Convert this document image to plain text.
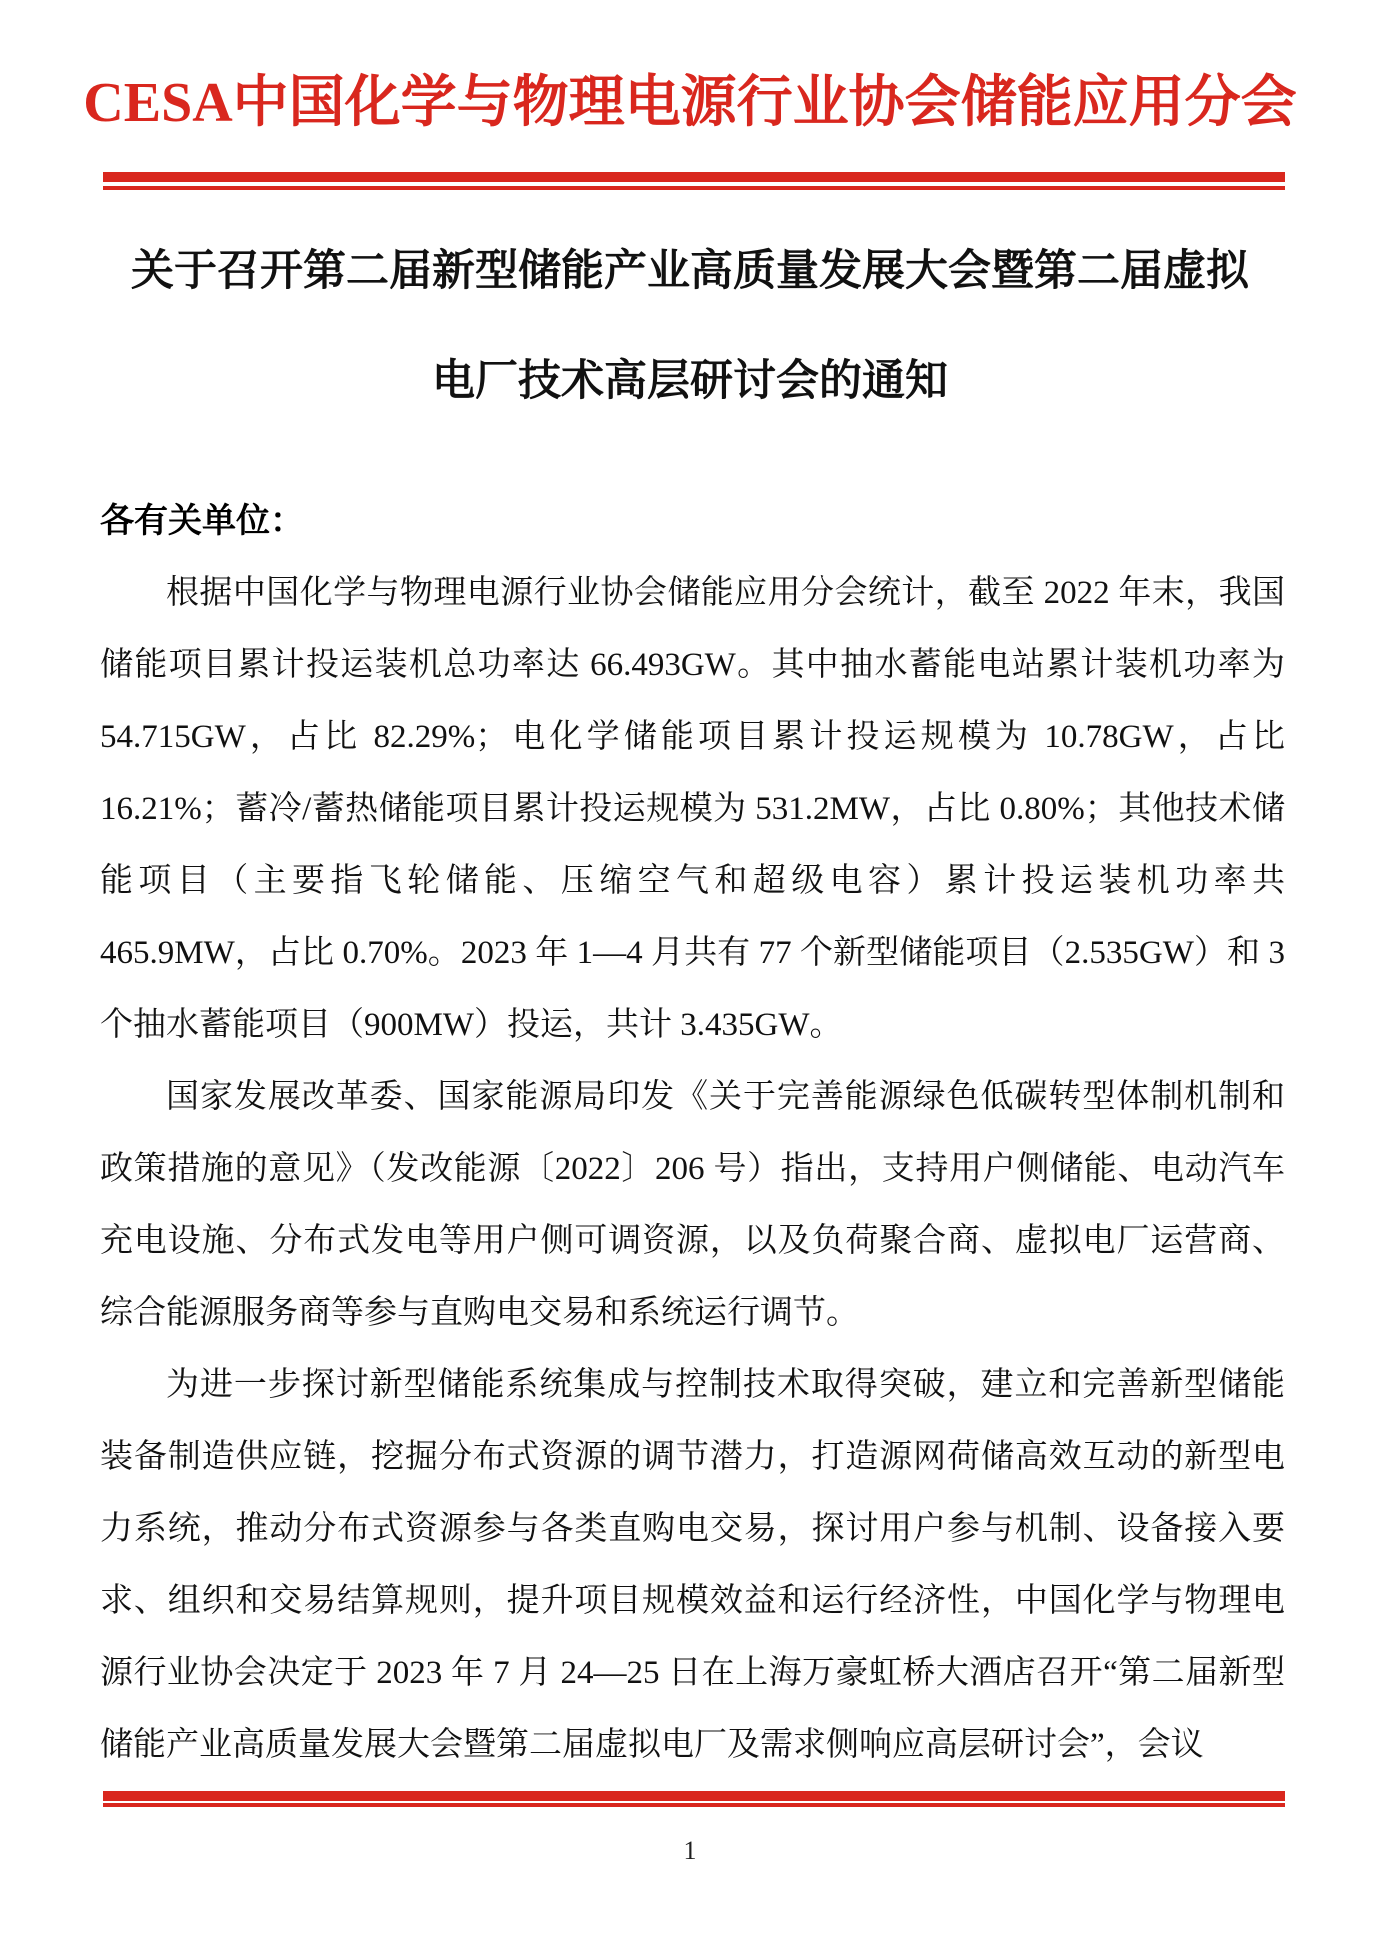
CESA中国化学与物理电源行业协会储能应用分会
关于召开第二届新型储能产业高质量发展大会暨第二届虚拟
电厂技术高层研讨会的通知
各有关单位：

根据中国化学与物理电源行业协会储能应用分会统计，截至 2022 年末，我国储能项目累计投运装机总功率达 66.493GW。其中抽水蓄能电站累计装机功率为 54.715GW，占比 82.29%；电化学储能项目累计投运规模为 10.78GW，占比 16.21%；蓄冷/蓄热储能项目累计投运规模为 531.2MW，占比 0.80%；其他技术储能项目（主要指飞轮储能、压缩空气和超级电容）累计投运装机功率共 465.9MW，占比 0.70%。2023 年 1—4 月共有 77 个新型储能项目（2.535GW）和 3 个抽水蓄能项目（900MW）投运，共计 3.435GW。

国家发展改革委、国家能源局印发《关于完善能源绿色低碳转型体制机制和政策措施的意见》（发改能源〔2022〕206 号）指出，支持用户侧储能、电动汽车充电设施、分布式发电等用户侧可调资源，以及负荷聚合商、虚拟电厂运营商、综合能源服务商等参与直购电交易和系统运行调节。

为进一步探讨新型储能系统集成与控制技术取得突破，建立和完善新型储能装备制造供应链，挖掘分布式资源的调节潜力，打造源网荷储高效互动的新型电力系统，推动分布式资源参与各类直购电交易，探讨用户参与机制、设备接入要求、组织和交易结算规则，提升项目规模效益和运行经济性，中国化学与物理电源行业协会决定于 2023 年 7 月 24—25 日在上海万豪虹桥大酒店召开“第二届新型储能产业高质量发展大会暨第二届虚拟电厂及需求侧响应高层研讨会”，会议

1
